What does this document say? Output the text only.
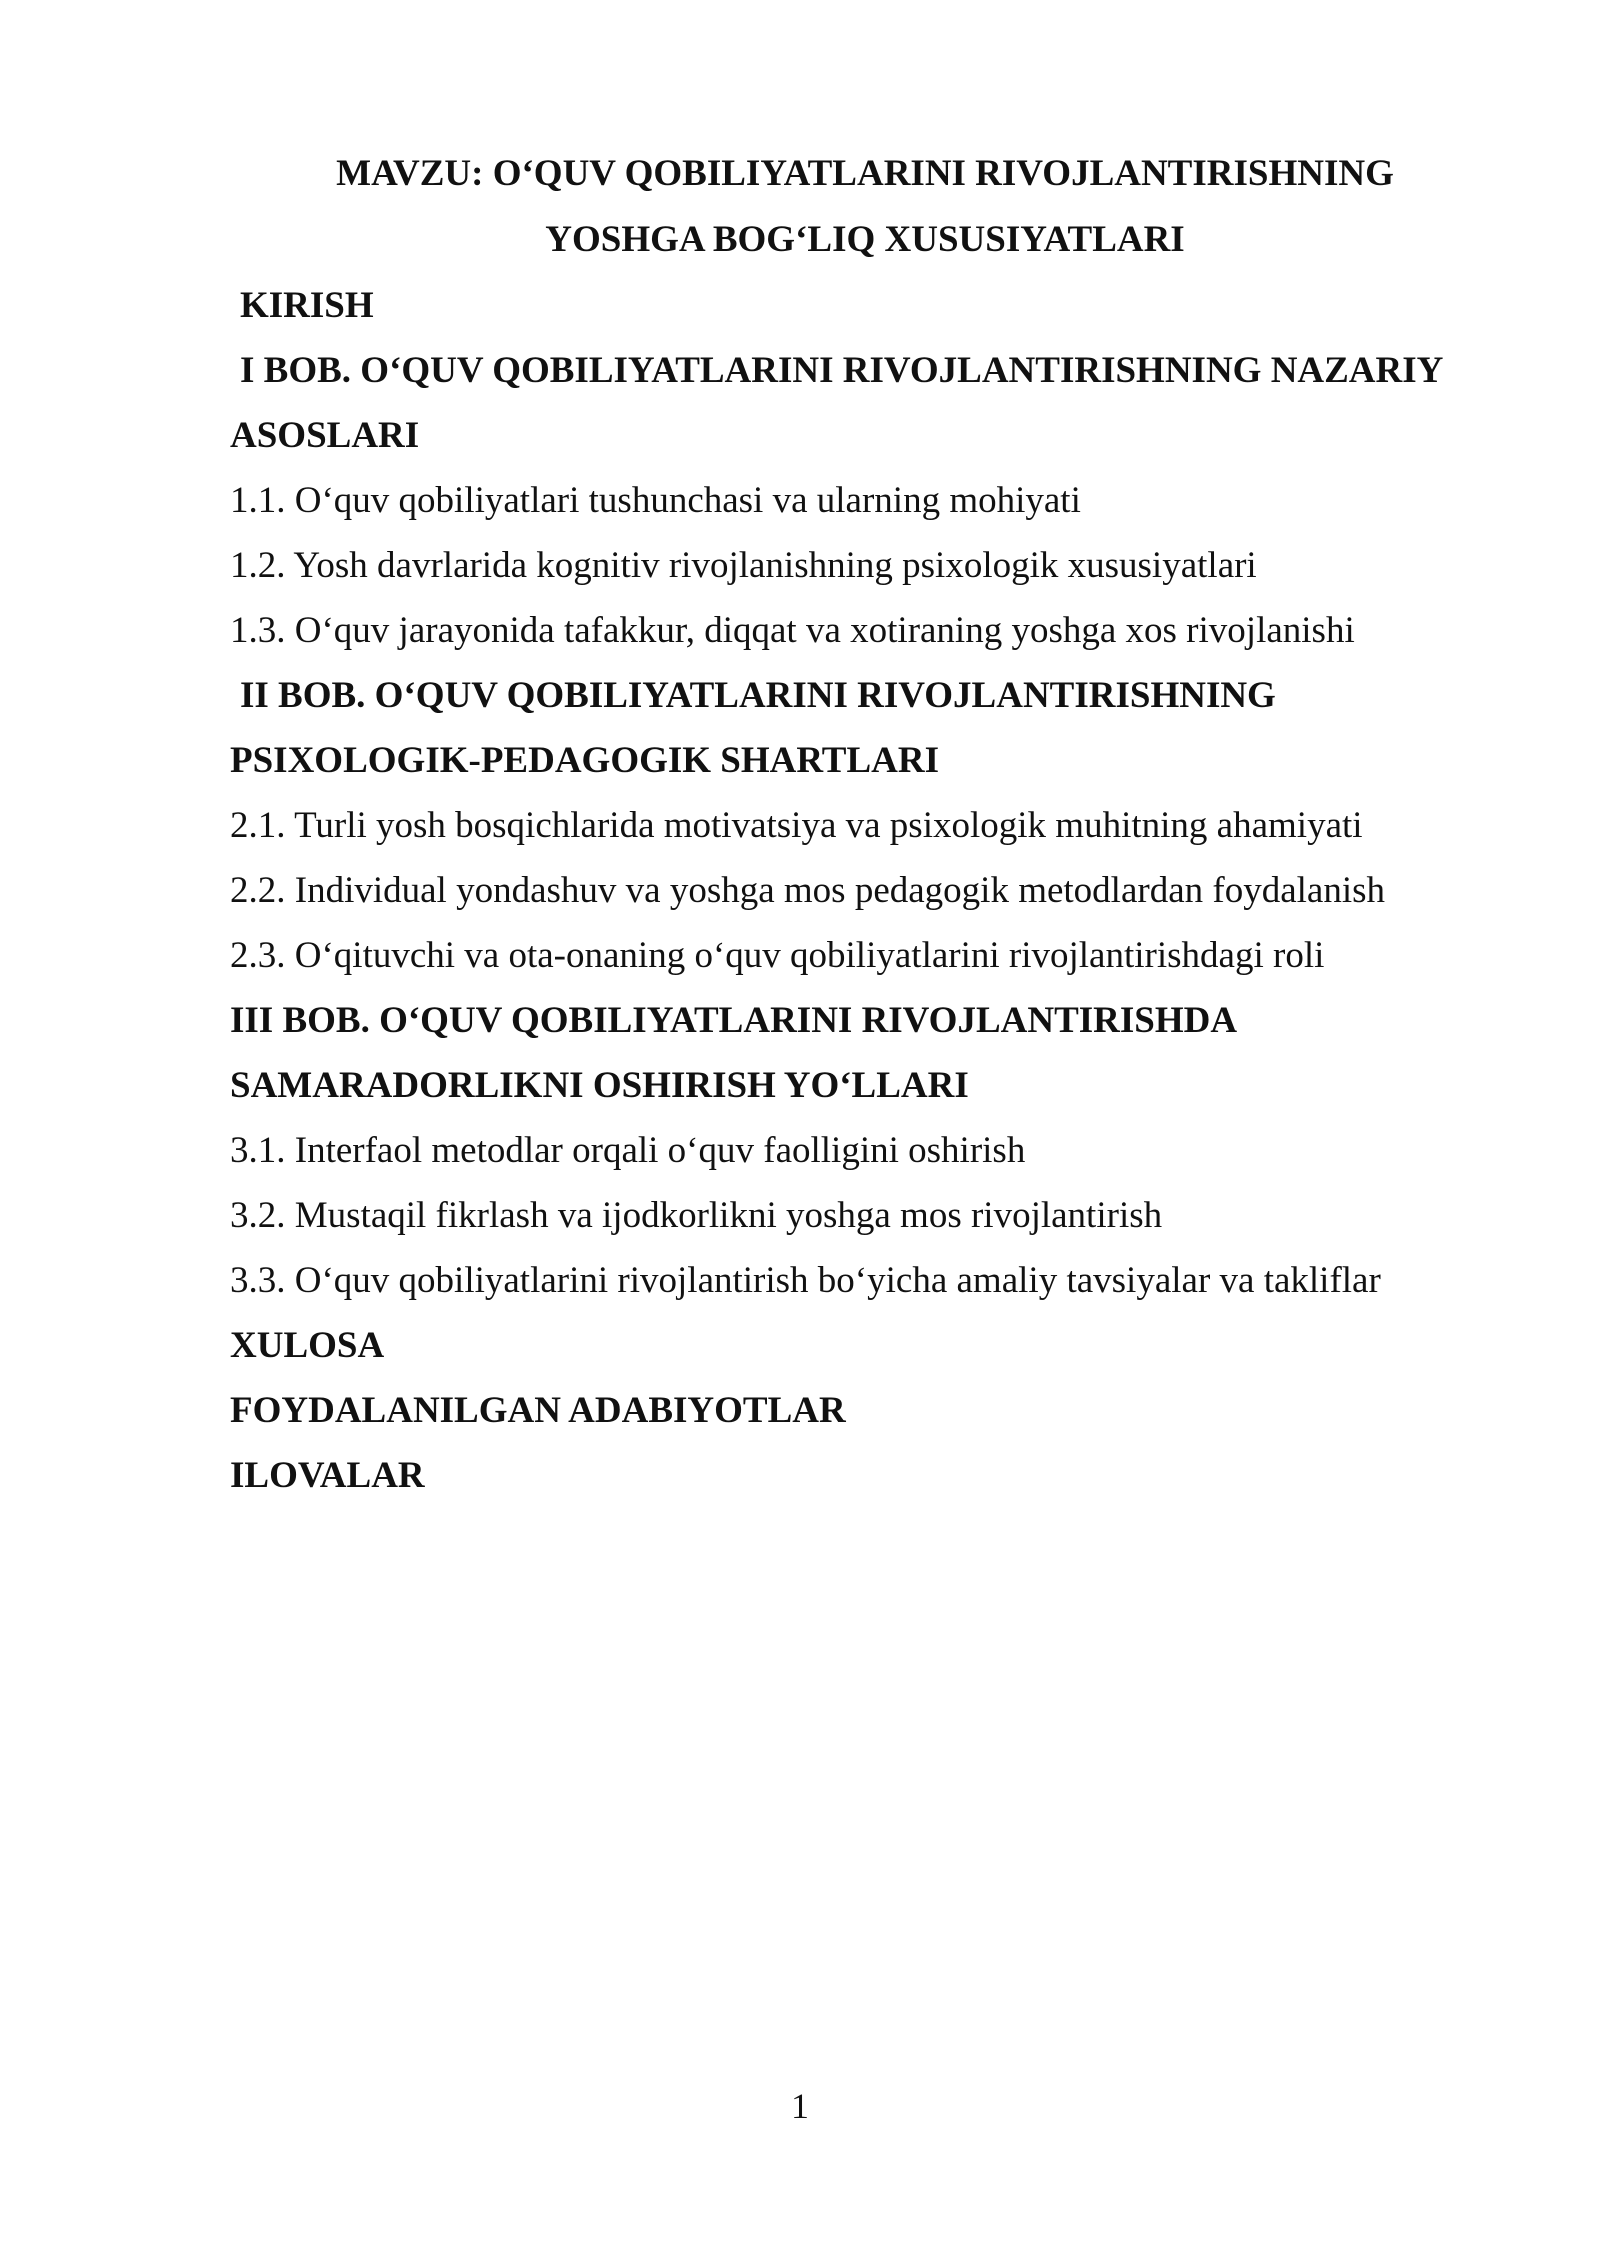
MAVZU: O‘QUV QOBILIYATLARINI RIVOJLANTIRISHNING
YOSHGA BOG‘LIQ XUSUSIYATLARI
KIRISH
I BOB. O‘QUV QOBILIYATLARINI RIVOJLANTIRISHNING NAZARIY
ASOSLARI
1.1. O‘quv qobiliyatlari tushunchasi va ularning mohiyati
1.2. Yosh davrlarida kognitiv rivojlanishning psixologik xususiyatlari
1.3. O‘quv jarayonida tafakkur, diqqat va xotiraning yoshga xos rivojlanishi
II BOB. O‘QUV QOBILIYATLARINI RIVOJLANTIRISHNING
PSIXOLOGIK-PEDAGOGIK SHARTLARI
2.1. Turli yosh bosqichlarida motivatsiya va psixologik muhitning ahamiyati
2.2. Individual yondashuv va yoshga mos pedagogik metodlardan foydalanish
2.3. O‘qituvchi va ota-onaning o‘quv qobiliyatlarini rivojlantirishdagi roli
III BOB. O‘QUV QOBILIYATLARINI RIVOJLANTIRISHDA
SAMARADORLIKNI OSHIRISH YO‘LLARI
3.1. Interfaol metodlar orqali o‘quv faolligini oshirish
3.2. Mustaqil fikrlash va ijodkorlikni yoshga mos rivojlantirish
3.3. O‘quv qobiliyatlarini rivojlantirish bo‘yicha amaliy tavsiyalar va takliflar
XULOSA
FOYDALANILGAN ADABIYOTLAR
ILOVALAR
1
